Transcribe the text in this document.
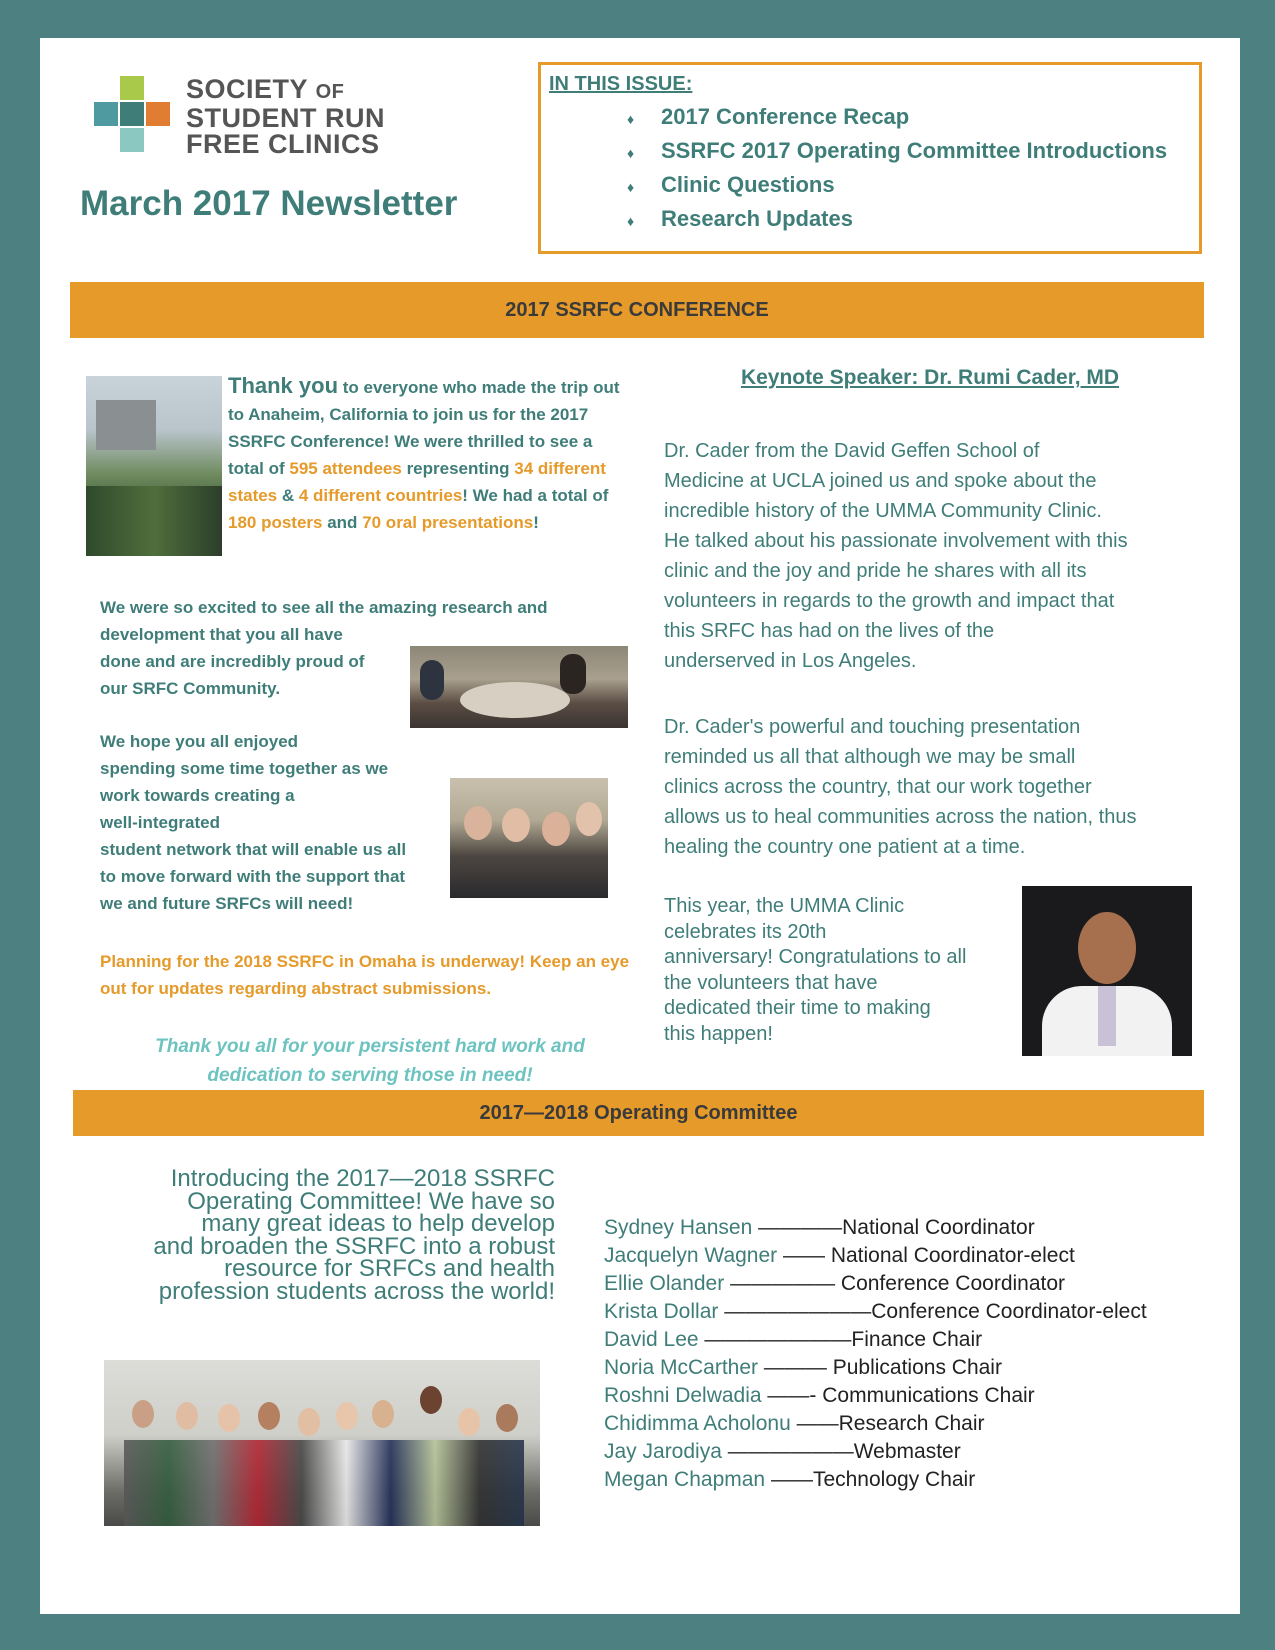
SOCIETY OF
STUDENT RUN
FREE CLINICS
March 2017 Newsletter
IN THIS ISSUE:
♦ 2017 Conference Recap
♦ SSRFC 2017 Operating Committee Introductions
♦ Clinic Questions
♦ Research Updates
2017 SSRFC CONFERENCE
Thank you to everyone who made the trip out to Anaheim, California to join us for the 2017 SSRFC Conference! We were thrilled to see a total of 595 attendees representing 34 different states & 4 different countries! We had a total of 180 posters and 70 oral presentations!
We were so excited to see all the amazing research and
development that you all have
done and are incredibly proud of
our SRFC Community.
We hope you all enjoyed
spending some time together as we
work towards creating a
well-integrated
student network that will enable us all
to move forward with the support that
we and future SRFCs will need!
Planning for the 2018 SSRFC in Omaha is underway! Keep an eye out for updates regarding abstract submissions.
Thank you all for your persistent hard work and dedication to serving those in need!
Keynote Speaker: Dr. Rumi Cader, MD
Dr. Cader from the David Geffen School of
Medicine at UCLA joined us and spoke about the
incredible history of the UMMA Community Clinic.
He talked about his passionate involvement with this
clinic and the joy and pride he shares with all its
volunteers in regards to the growth and impact that
this SRFC has had on the lives of the
underserved in Los Angeles.
Dr. Cader's powerful and touching presentation
reminded us all that although we may be small
clinics across the country, that our work together
allows us to heal communities across the nation, thus
healing the country one patient at a time.
This year, the UMMA Clinic
celebrates its 20th
anniversary! Congratulations to all
the volunteers that have
dedicated their time to making
this happen!
2017—2018 Operating Committee
Introducing the 2017—2018 SSRFC
Operating Committee! We have so
many great ideas to help develop
and broaden the SSRFC into a robust
resource for SRFCs and health
profession students across the world!
Sydney Hansen ————National Coordinator
Jacquelyn Wagner —— National Coordinator-elect
Ellie Olander ————— Conference Coordinator
Krista Dollar ———————Conference Coordinator-elect
David Lee ———————Finance Chair
Noria McCarther ——— Publications Chair
Roshni Delwadia ——- Communications Chair
Chidimma Acholonu ——Research Chair
Jay Jarodiya ——————Webmaster
Megan Chapman ——Technology Chair
